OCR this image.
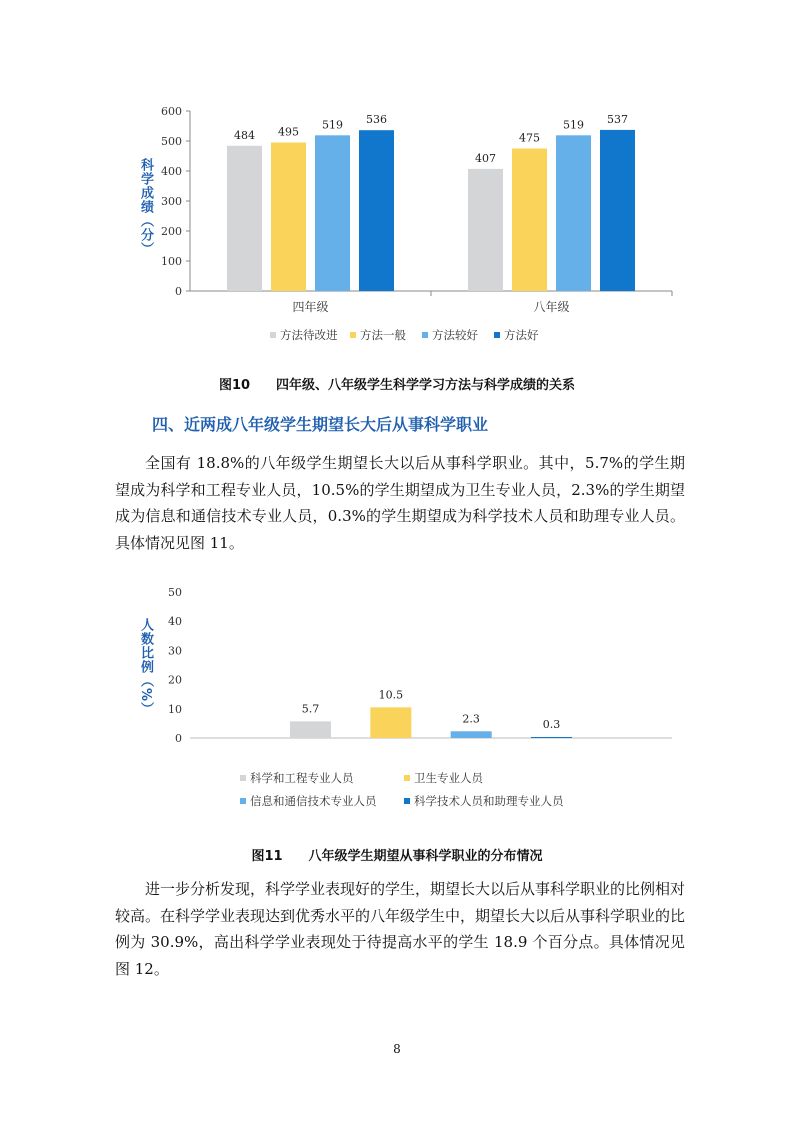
0
100
200
300
400
500
600
484 495
519 536
四年级
407
475
519 537
八年级
科学成绩（分）
方法待改进 方法一般 方法较好 方法好
图10 四年级、八年级学生科学学习方法与科学成绩的关系
四、近两成八年级学生期望长大后从事科学职业

全国有 18.8%的八年级学生期望长大以后从事科学职业。其中，5.7%的学生期望成为科学和工程专业人员，10.5%的学生期望成为卫生专业人员，2.3%的学生期望成为信息和通信技术专业人员，0.3%的学生期望成为科学技术人员和助理专业人员。具体情况见图 11。

0
10
20
30
40
50
5.7
10.5
2.3	0.3
人数比例（%）
科学和工程专业人员	卫生专业人员
信息和通信技术专业人员	科学技术人员和助理专业人员
图11 八年级学生期望从事科学职业的分布情况

进一步分析发现，科学学业表现好的学生，期望长大以后从事科学职业的比例相对较高。在科学学业表现达到优秀水平的八年级学生中，期望长大以后从事科学职业的比例为 30.9%，高出科学学业表现处于待提高水平的学生 18.9 个百分点。具体情况见图 12。

8
